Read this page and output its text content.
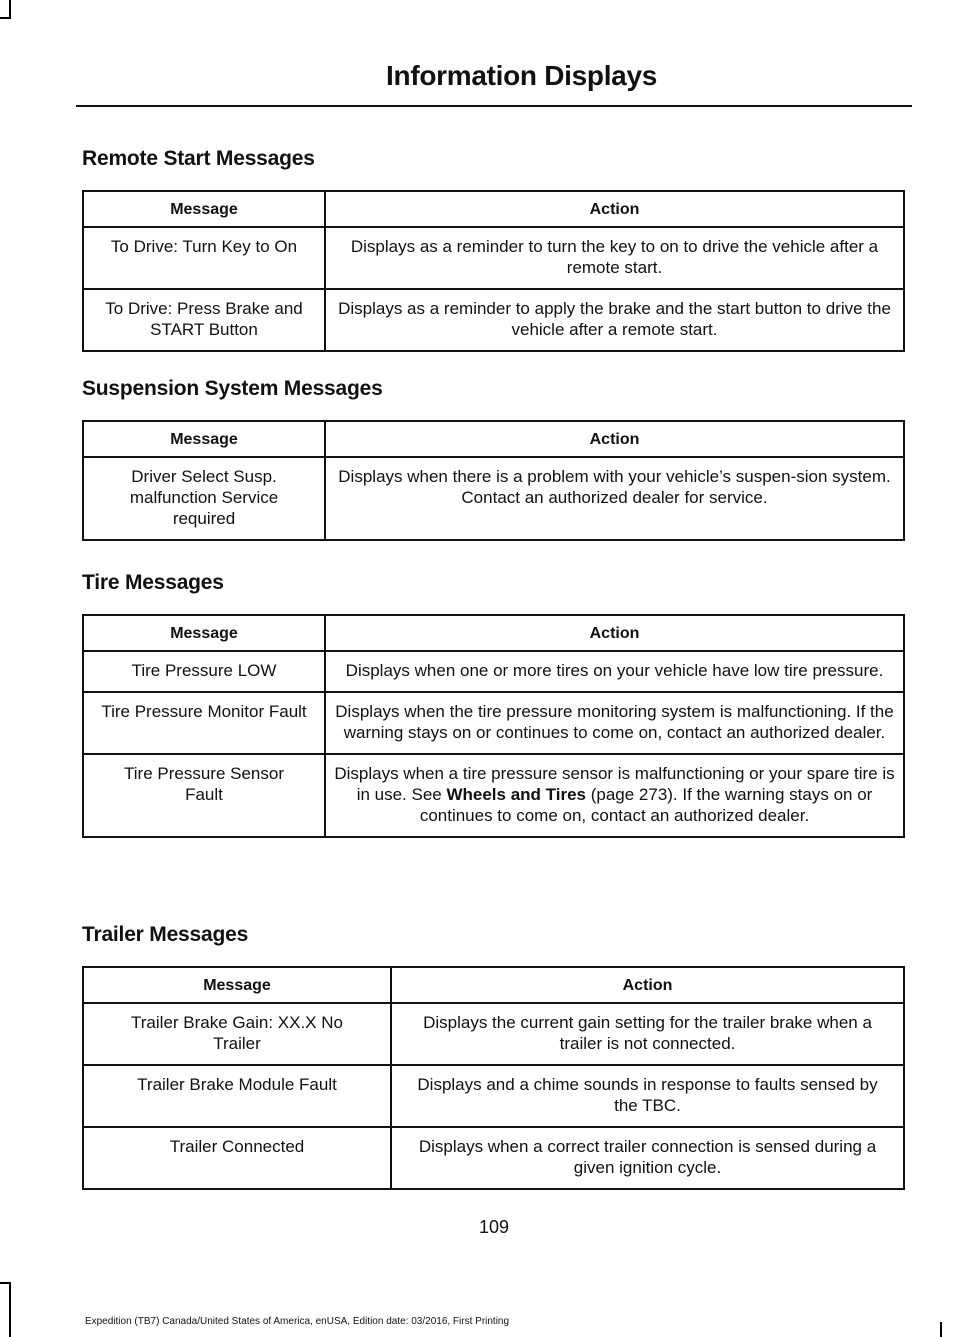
Information Displays
Remote Start Messages
Message	Action
To Drive: Turn Key to On	Displays as a reminder to turn the key to on to drive the vehicle after a remote start.
To Drive: Press Brake and START Button	Displays as a reminder to apply the brake and the start button to drive the vehicle after a remote start.
Suspension System Messages
Message	Action
Driver Select Susp. malfunction Service required	Displays when there is a problem with your vehicle’s suspen-sion system. Contact an authorized dealer for service.
Tire Messages
Message	Action
Tire Pressure LOW	Displays when one or more tires on your vehicle have low tire pressure.
Tire Pressure Monitor Fault	Displays when the tire pressure monitoring system is malfunctioning. If the warning stays on or continues to come on, contact an authorized dealer.
Tire Pressure Sensor Fault	Displays when a tire pressure sensor is malfunctioning or your spare tire is in use. See Wheels and Tires (page 273). If the warning stays on or continues to come on, contact an authorized dealer.
Trailer Messages
Message	Action
Trailer Brake Gain: XX.X No Trailer	Displays the current gain setting for the trailer brake when a trailer is not connected.
Trailer Brake Module Fault	Displays and a chime sounds in response to faults sensed by the TBC.
Trailer Connected	Displays when a correct trailer connection is sensed during a given ignition cycle.
109
Expedition (TB7) Canada/United States of America, enUSA, Edition date: 03/2016, First Printing
